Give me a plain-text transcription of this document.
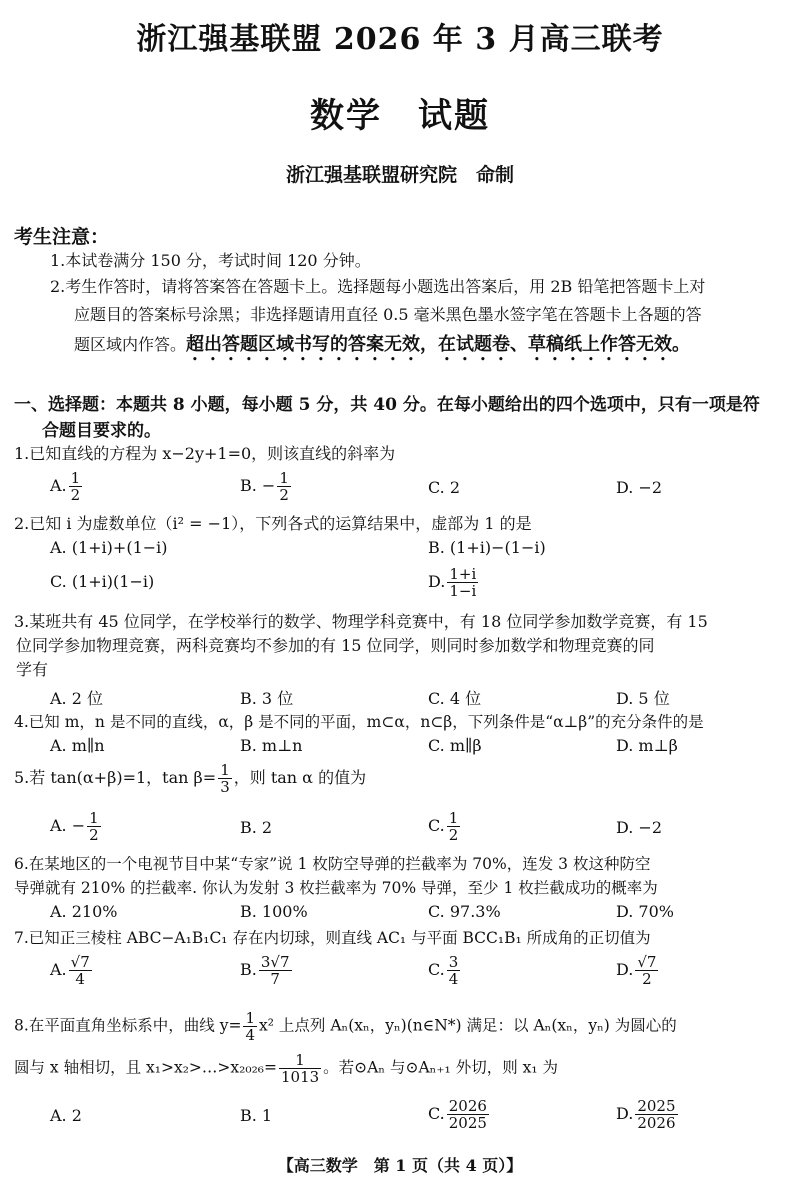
浙江强基联盟 2026 年 3 月高三联考
数学　试题
浙江强基联盟研究院　命制
考生注意：
1.本试卷满分 150 分，考试时间 120 分钟。
2.考生作答时，请将答案答在答题卡上。选择题每小题选出答案后，用 2B 铅笔把答题卡上对
应题目的答案标号涂黑；非选择题请用直径 0.5 毫米黑色墨水签字笔在答题卡上各题的答
题区域内作答。超出答题区域书写的答案无效，在试题卷、草稿纸上作答无效。
一、选择题：本题共 8 小题，每小题 5 分，共 40 分。在每小题给出的四个选项中，只有一项是符
合题目要求的。
1.已知直线的方程为 x−2y+1=0，则该直线的斜率为
A. $\frac{1}{2}$	B. − $\frac{1}{2}$	C. 2	D. −2
2.已知 i 为虚数单位（i² = −1），下列各式的运算结果中，虚部为 1 的是
A. (1+i)+(1−i)	B. (1+i)−(1−i)
C. (1+i)(1−i)	D. $\frac{1+i}{1-i}$
3.某班共有 45 位同学，在学校举行的数学、物理学科竞赛中，有 18 位同学参加数学竞赛，有 15
位同学参加物理竞赛，两科竞赛均不参加的有 15 位同学，则同时参加数学和物理竞赛的同
学有
A. 2 位	B. 3 位	C. 4 位	D. 5 位
4.已知 m，n 是不同的直线，α，β 是不同的平面，m⊂α，n⊂β，下列条件是“α⊥β”的充分条件的是
A. m∥n	B. m⊥n	C. m∥β	D. m⊥β
5.若 tan(α+β)=1，$\tan \beta= \frac{1}{3}$ ，则 tan α 的值为
A. − $\frac{1}{2}$	B. 2	C. $\frac{1}{2}$	D. −2
6.在某地区的一个电视节目中某“专家”说 1 枚防空导弹的拦截率为 70%，连发 3 枚这种防空
导弹就有 210% 的拦截率. 你认为发射 3 枚拦截率为 70% 导弹，至少 1 枚拦截成功的概率为
A. 210%	B. 100%	C. 97.3%	D. 70%
7.已知正三棱柱 ABC−A₁B₁C₁ 存在内切球，则直线 AC₁ 与平面 BCC₁B₁ 所成角的正切值为
A. $\frac{√7}{4}$	B. $\frac{3√7}{7}$	C. $\frac{3}{4}$	D. $\frac{√7}{2}$
8.在平面直角坐标系中，曲线 $y= \frac{1}{4} x^2$ 上点列 Aₙ(xₙ，yₙ)(n∈N*) 满足：以 Aₙ(xₙ，yₙ) 为圆心的
圆与 x 轴相切，且 x₁>x₂>…>x₂₀₂₆= $\frac{1}{1013}$ 。若⊙Aₙ 与⊙Aₙ₊₁ 外切，则 x₁ 为
A. 2	B. 1	C. $\frac{2026}{2025}$	D. $\frac{2025}{2026}$
【高三数学　第 1 页（共 4 页）】
